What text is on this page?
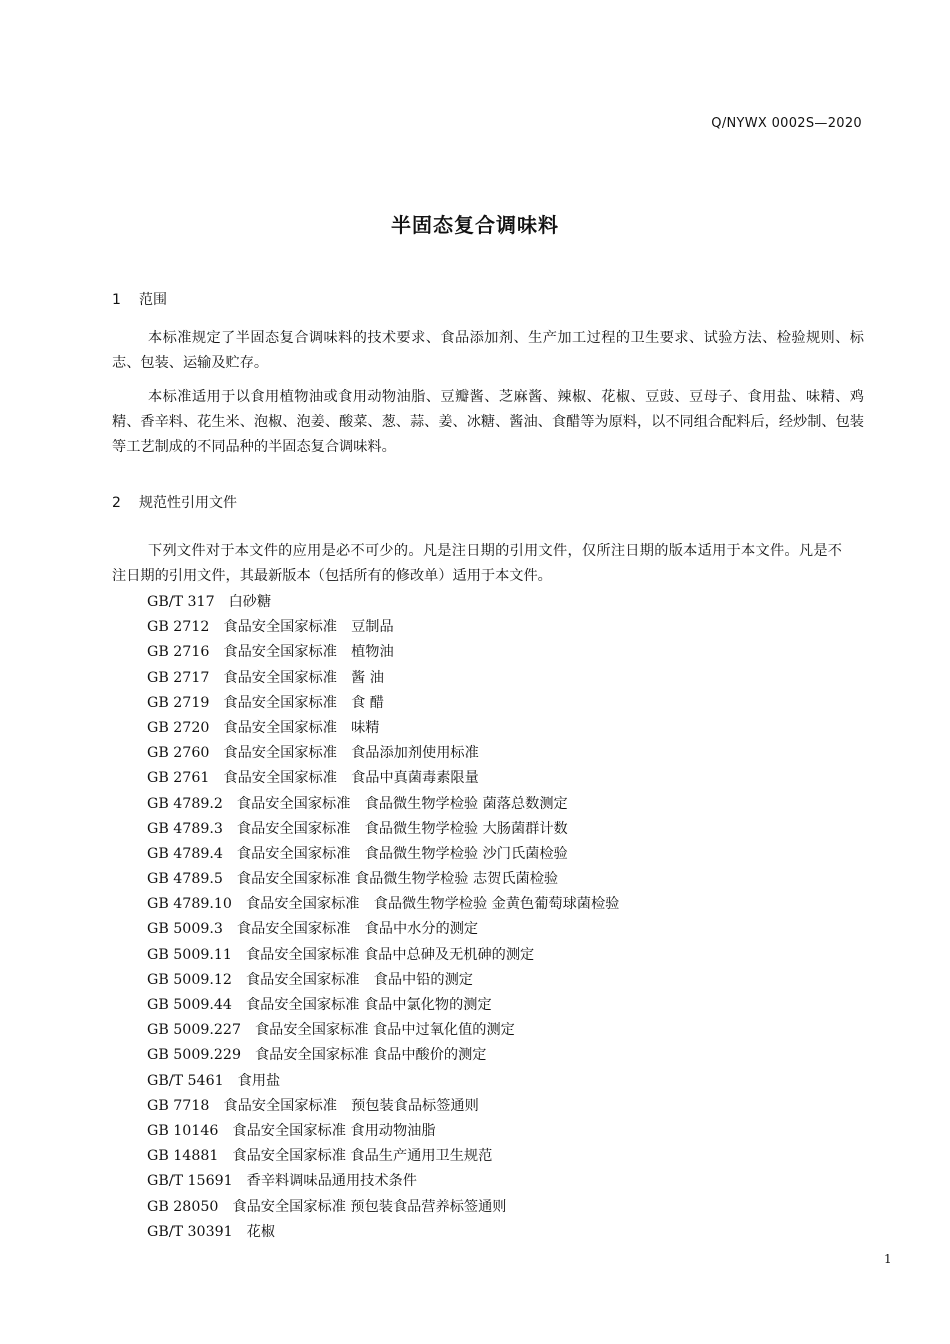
Q/NYWX 0002S—2020
半固态复合调味料
1 范围

本标准规定了半固态复合调味料的技术要求、食品添加剂、生产加工过程的卫生要求、试验方法、检验规则、标志、包装、运输及贮存。

本标准适用于以食用植物油或食用动物油脂、豆瓣酱、芝麻酱、辣椒、花椒、豆豉、豆母子、食用盐、味精、鸡精、香辛料、花生米、泡椒、泡姜、酸菜、葱、蒜、姜、冰糖、酱油、食醋等为原料，以不同组合配料后，经炒制、包装等工艺制成的不同品种的半固态复合调味料。

2 规范性引用文件

下列文件对于本文件的应用是必不可少的。凡是注日期的引用文件，仅所注日期的版本适用于本文件。凡是不注日期的引用文件，其最新版本（包括所有的修改单）适用于本文件。

GB/T 317 白砂糖
GB 2712 食品安全国家标准　豆制品
GB 2716 食品安全国家标准　植物油
GB 2717 食品安全国家标准　酱 油
GB 2719 食品安全国家标准　食 醋
GB 2720 食品安全国家标准　味精
GB 2760 食品安全国家标准　食品添加剂使用标准
GB 2761 食品安全国家标准　食品中真菌毒素限量
GB 4789.2 食品安全国家标准　食品微生物学检验 菌落总数测定
GB 4789.3 食品安全国家标准　食品微生物学检验 大肠菌群计数
GB 4789.4 食品安全国家标准　食品微生物学检验 沙门氏菌检验
GB 4789.5 食品安全国家标准 食品微生物学检验 志贺氏菌检验
GB 4789.10 食品安全国家标准　食品微生物学检验 金黄色葡萄球菌检验
GB 5009.3 食品安全国家标准　食品中水分的测定
GB 5009.11 食品安全国家标准 食品中总砷及无机砷的测定
GB 5009.12 食品安全国家标准　食品中铅的测定
GB 5009.44 食品安全国家标准 食品中氯化物的测定
GB 5009.227 食品安全国家标准 食品中过氧化值的测定
GB 5009.229 食品安全国家标准 食品中酸价的测定
GB/T 5461 食用盐
GB 7718 食品安全国家标准　预包装食品标签通则
GB 10146 食品安全国家标准 食用动物油脂
GB 14881 食品安全国家标准 食品生产通用卫生规范
GB/T 15691 香辛料调味品通用技术条件
GB 28050 食品安全国家标准 预包装食品营养标签通则
GB/T 30391 花椒
1
